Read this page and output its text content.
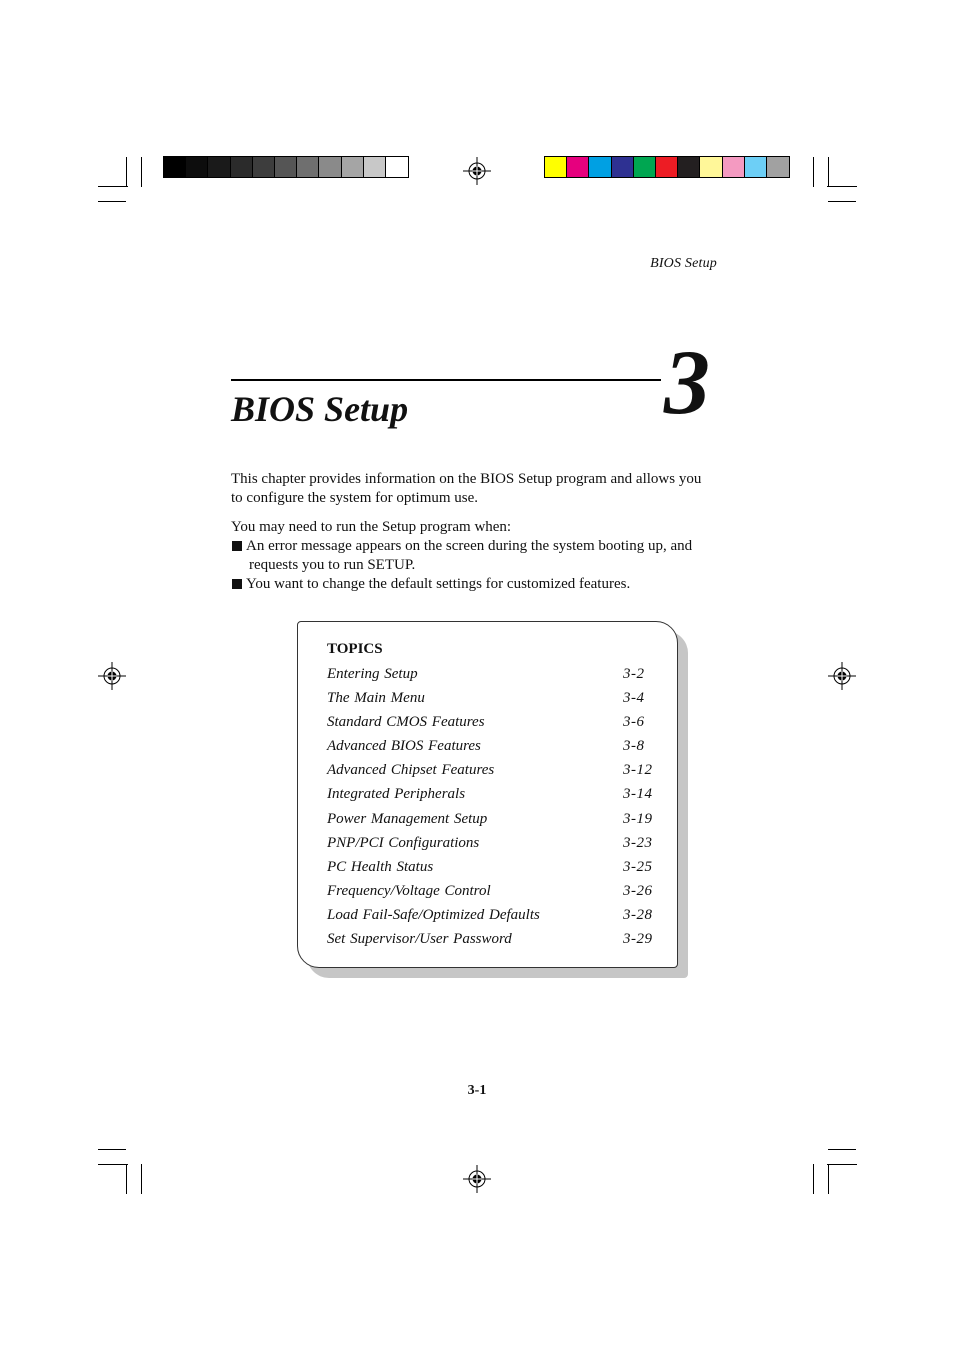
BIOS Setup
3
BIOS Setup
This chapter provides information on the BIOS Setup program and allows you
to configure the system for optimum use.
You may need to run the Setup program when:
An error message appears on the screen during the system booting up, and
requests you to run SETUP.
You want to change the default settings for customized features.
TOPICS
Entering Setup	3-2
The Main Menu	3-4
Standard CMOS Features	3-6
Advanced BIOS Features	3-8
Advanced Chipset Features	3-12
Integrated Peripherals	3-14
Power Management Setup	3-19
PNP/PCI Configurations	3-23
PC Health Status	3-25
Frequency/Voltage Control	3-26
Load Fail-Safe/Optimized Defaults	3-28
Set Supervisor/User Password	3-29
3-1
